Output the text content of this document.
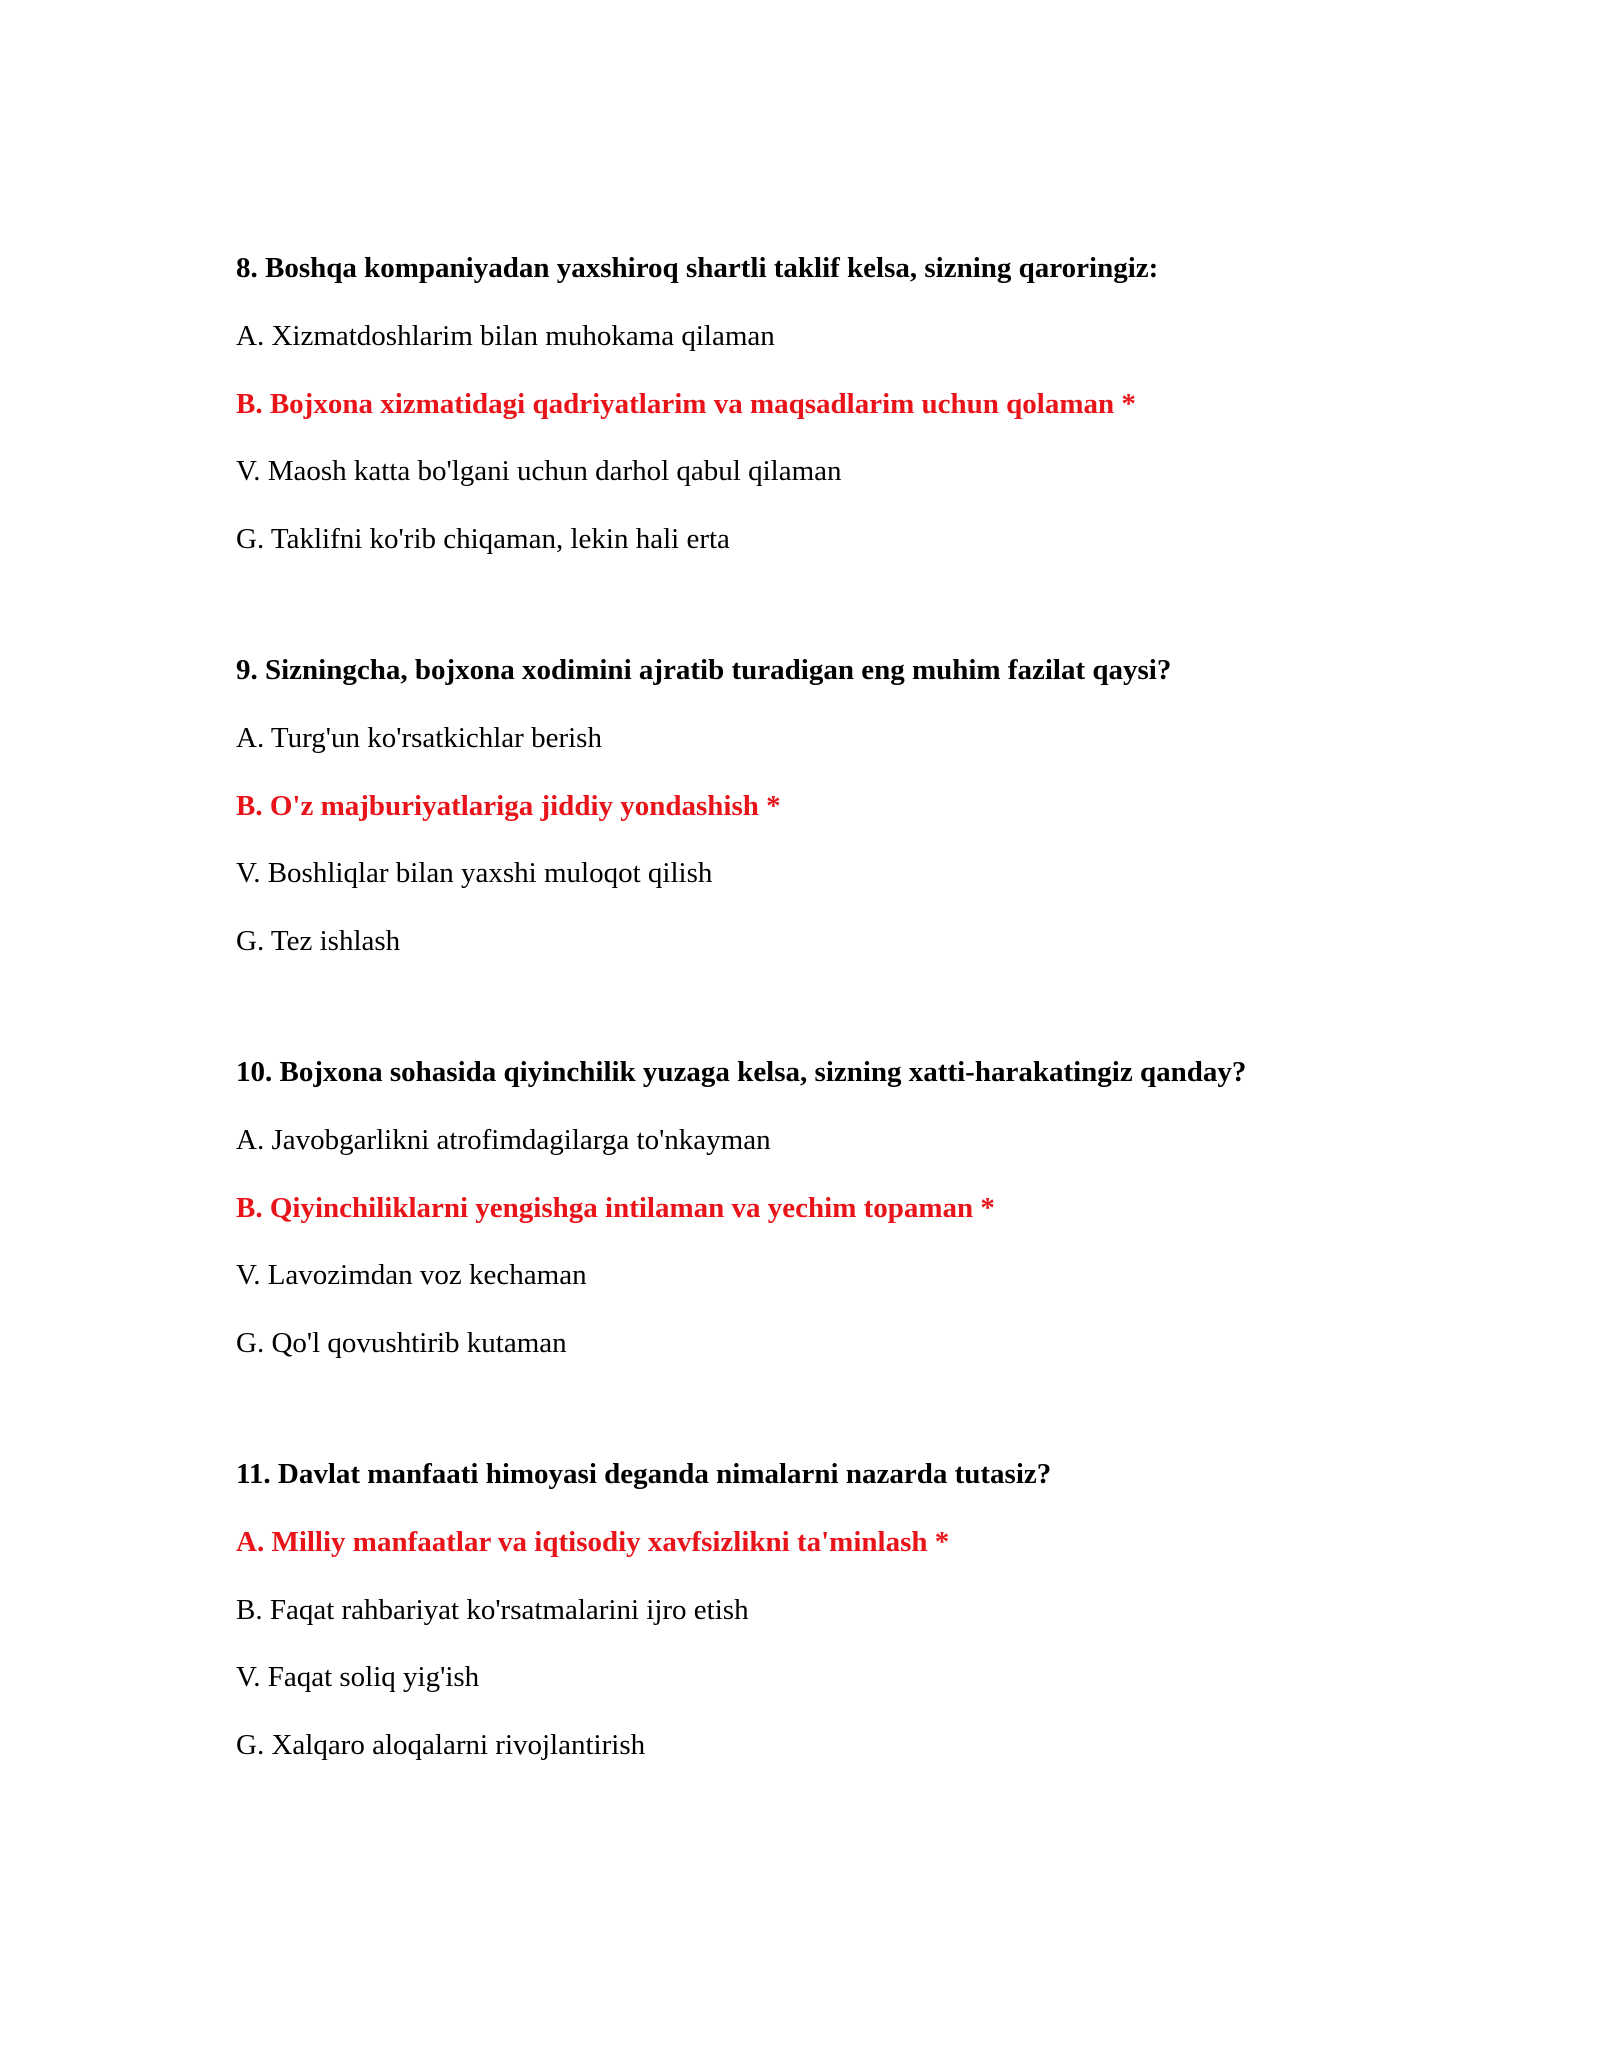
8. Boshqa kompaniyadan yaxshiroq shartli taklif kelsa, sizning qaroringiz:
A. Xizmatdoshlarim bilan muhokama qilaman
B. Bojxona xizmatidagi qadriyatlarim va maqsadlarim uchun qolaman *
V. Maosh katta bo'lgani uchun darhol qabul qilaman
G. Taklifni ko'rib chiqaman, lekin hali erta
9. Sizningcha, bojxona xodimini ajratib turadigan eng muhim fazilat qaysi?
A. Turg'un ko'rsatkichlar berish
B. O'z majburiyatlariga jiddiy yondashish *
V. Boshliqlar bilan yaxshi muloqot qilish
G. Tez ishlash
10. Bojxona sohasida qiyinchilik yuzaga kelsa, sizning xatti-harakatingiz qanday?
A. Javobgarlikni atrofimdagilarga to'nkayman
B. Qiyinchiliklarni yengishga intilaman va yechim topaman *
V. Lavozimdan voz kechaman
G. Qo'l qovushtirib kutaman
11. Davlat manfaati himoyasi deganda nimalarni nazarda tutasiz?
A. Milliy manfaatlar va iqtisodiy xavfsizlikni ta'minlash *
B. Faqat rahbariyat ko'rsatmalarini ijro etish
V. Faqat soliq yig'ish
G. Xalqaro aloqalarni rivojlantirish
